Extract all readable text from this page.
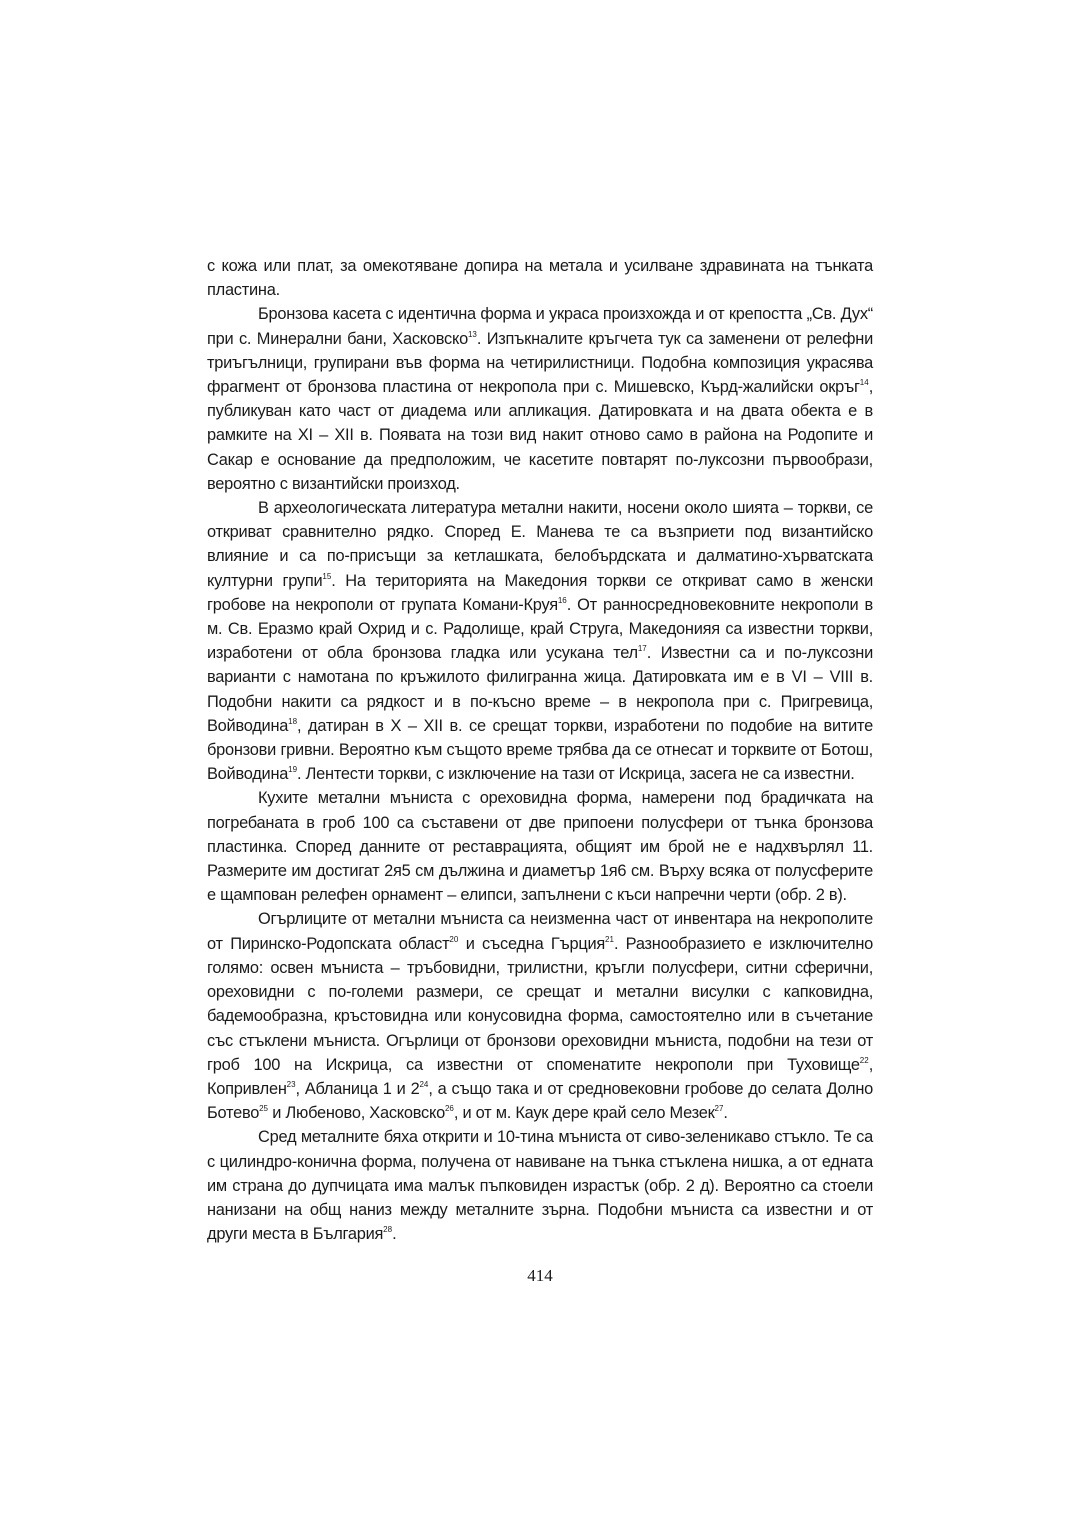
с кожа или плат, за омекотяване допира на метала и усилване здравината на тънката пластина.

Бронзова касета с идентична форма и украса произхожда и от крепостта „Св. Дух“ при с. Минерални бани, Хасковско$^{13}$. Изпъкналите кръгчета тук са заменени от релефни триъгълници, групирани във форма на четирилистници. Подобна композиция украсява фрагмент от бронзова пластина от некропола при с. Мишевско, Кърд-жалийски окръг$^{14}$, публикуван като част от диадема или апликация. Датировката и на двата обекта е в рамките на XI – XII в. Появата на този вид накит отново само в района на Родопите и Сакар е основание да предположим, че касетите повтарят по-луксозни първообрази, вероятно с византийски произход.

В археологическата литература метални накити, носени около шията – торкви, се откриват сравнително рядко. Според Е. Манева те са възприети под византийско влияние и са по-присъщи за кетлашката, белобърдската и далматино-хърватската културни групи$^{15}$. На територията на Македония торкви се откриват само в женски гробове на некрополи от групата Комани-Круя$^{16}$. От ранносредновековните некрополи в м. Св. Еразмо край Охрид и с. Радолище, край Струга, Македонияя са известни торкви, изработени от обла бронзова гладка или усукана тел$^{17}$. Известни са и по-луксозни варианти с намотана по кръжилото филигранна жица. Датировката им е в VI – VIII в. Подобни накити са рядкост и в по-късно време – в некропола при с. Пригревица, Войводина$^{18}$, датиран в X – XII в. се срещат торкви, изработени по подобие на витите бронзови гривни. Вероятно към същото време трябва да се отнесат и торквите от Ботош, Войводина$^{19}$. Лентести торкви, с изключение на тази от Искрица, засега не са известни.

Кухите метални мъниста с ореховидна форма, намерени под брадичката на погребаната в гроб 100 са съставени от две припоени полусфери от тънка бронзова пластинка. Според данните от реставрацията, общият им брой не е надхвърлял 11. Размерите им достигат 2я5 см дължина и диаметър 1я6 см. Върху всяка от полусферите е щампован релефен орнамент – елипси, запълнени с къси напречни черти (обр. 2 в).

Огърлиците от метални мъниста са неизменна част от инвентара на некрополите от Пиринско-Родопската област$^{20}$ и съседна Гърция$^{21}$. Разнообразието е изключително голямо: освен мъниста – тръбовидни, трилистни, кръгли полусфери, ситни сферични, ореховидни с по-големи размери, се срещат и метални висулки с капковидна, бадемообразна, кръстовидна или конусовидна форма, самостоятелно или в съчетание със стъклени мъниста. Огърлици от бронзови ореховидни мъниста, подобни на тези от гроб 100 на Искрица, са известни от споменатите некрополи при Туховище$^{22}$, Копривлен$^{23}$, Абланица 1 и 2$^{24}$, а също така и от средновековни гробове до селата Долно Ботево$^{25}$ и Любеново, Хасковско$^{26}$, и от м. Каук дере край село Мезек$^{27}$.

Сред металните бяха открити и 10-тина мъниста от сиво-зеленикаво стъкло. Те са с цилиндро-конична форма, получена от навиване на тънка стъклена нишка, а от едната им страна до дупчицата има малък пъпковиден израстък (обр. 2 д). Вероятно са стоели нанизани на общ наниз между металните зърна. Подобни мъниста са известни и от други места в България$^{28}$.

414
